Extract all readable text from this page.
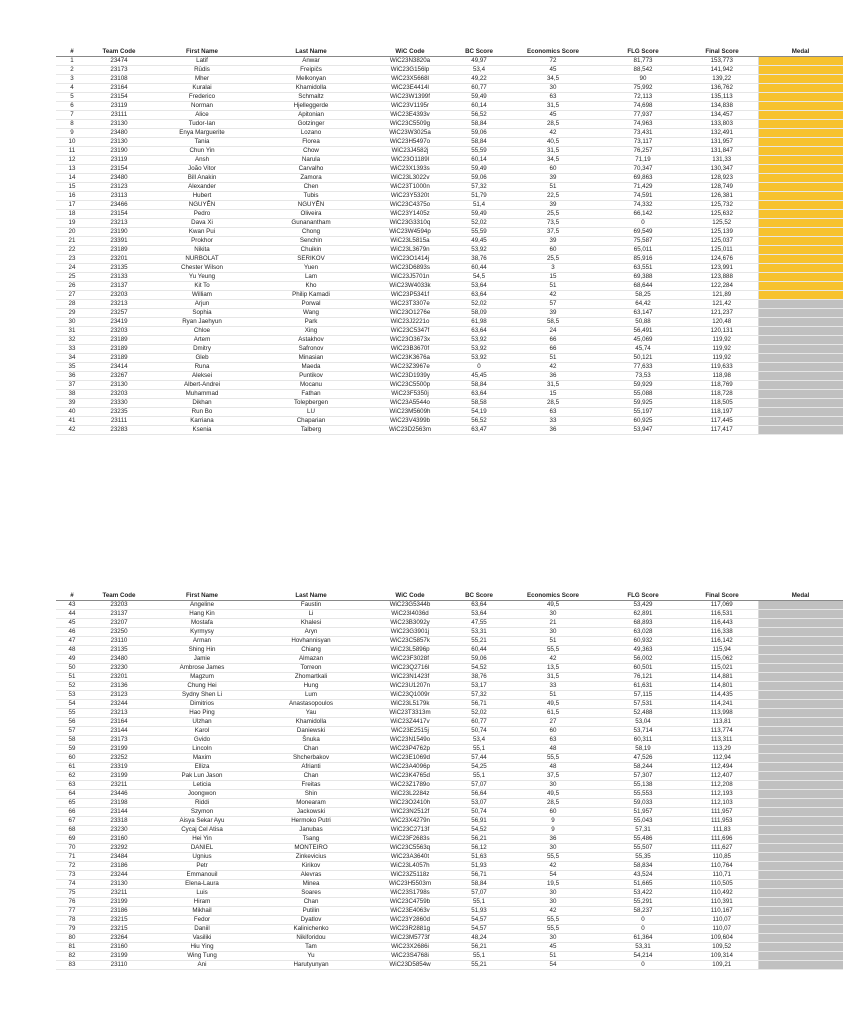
#	Team Code	First Name	Last Name	WiC Code	BC Score	Economics Score	FLG Score	Final Score	Medal
1	23474	Latif	Anwar	WiC23N3820a	49,97	72	81,773	153,773	
2	23173	Rūdis	Freipičs	WiC23G156lp	53,4	45	88,542	141,942	
3	23108	Mher	Melkonyan	WiC23X5668l	49,22	34,5	90	139,22	
4	23164	Kuralai	Khamidolla	WiC23E4414l	60,77	30	75,992	136,762	
5	23154	Frederico	Schmaltz	WiC23W1399f	59,49	63	72,113	135,113	
6	23119	Norman	Hjelleggerde	WiC23V1195r	60,14	31,5	74,698	134,838	
7	23111	Alice	Apitonian	WiC23E4393v	56,52	45	77,937	134,457	
8	23130	Tudor-Ian	Gotzinger	WiC23C5509g	58,84	28,5	74,963	133,803	
9	23480	Enya Marguerite	Lozano	WiC23W3025a	59,06	42	73,431	132,491	
10	23130	Tania	Florea	WiC23H5497o	58,84	40,5	73,117	131,957	
11	23190	Chun Yin	Chow	WiC23J4582j	55,59	31,5	76,257	131,847	
12	23119	Ansh	Narula	WiC23O1189l	60,14	34,5	71,19	131,33	
13	23154	João Vitor	Carvalho	WiC23X1393s	59,49	60	70,347	130,347	
14	23480	Bill Anakin	Zamora	WiC23L3022v	59,06	39	69,863	128,923	
15	23123	Alexander	Chen	WiC23T1000n	57,32	51	71,429	128,749	
16	23113	Hubert	Tubis	WiC23Y5320t	51,79	22,5	74,591	126,381	
17	23466	NGUYỄN	NGUYỄN	WiC23C4375o	51,4	39	74,332	125,732	
18	23154	Pedro	Oliveira	WiC23Y1405z	59,49	25,5	66,142	125,632	
19	23213	Dava Xi	Gunanantham	WiC23G3310q	52,02	73,5	0	125,52	
20	23190	Kwan Pui	Chong	WiC23W4594p	55,59	37,5	69,549	125,139	
21	23391	Prokhor	Senchin	WiC23L5815a	49,45	39	75,587	125,037	
22	23189	Nikita	Chuikin	WiC23L3679n	53,92	60	65,011	125,011	
23	23201	NURBOLAT	SERIKOV	WiC23O1414j	38,76	25,5	85,916	124,676	
24	23135	Chester Wilson	Yuen	WiC23D6893s	60,44	3	63,551	123,991	
25	23133	Yu Yeung	Lam	WiC23J5701n	54,5	15	69,388	123,888	
26	23137	Kit To	Kho	WiC23W4033k	53,64	51	68,644	122,284	
27	23203	William	Philip Kamadi	WiC23P5341f	63,64	42	58,25	121,89	
28	23213	Arjun	Porwal	WiC23T3307e	52,02	57	64,42	121,42	
29	23257	Sophia	Wang	WiC23O1276e	58,09	39	63,147	121,237	
30	23419	Ryan Jaehyun	Park	WiC23J2221o	61,98	58,5	50,88	120,48	
31	23203	Chloe	Xing	WiC23C5347f	63,64	24	56,491	120,131	
32	23189	Artem	Astakhov	WiC23O3673x	53,92	66	45,069	119,92	
33	23189	Dmitry	Safronov	WiC23B3670f	53,92	66	45,74	119,92	
34	23189	Gleb	Minasian	WiC23K3676a	53,92	51	50,121	119,92	
35	23414	Runa	Maeda	WiC23Z3967e	0	42	77,633	119,633	
36	23267	Aleksei	Puntikov	WiC23D1939y	45,45	36	73,53	118,98	
37	23130	Albert-Andrei	Mocanu	WiC23C5500p	58,84	31,5	59,929	118,769	
38	23203	Muhammad	Fathan	WiC23F5350j	63,64	15	55,088	118,728	
39	23330	Dikhan	Tolepbergen	WiC23A5544o	58,58	28,5	59,925	118,505	
40	23235	Run Bo	LU	WiC23M5609h	54,19	63	55,197	118,197	
41	23111	Karriana	Chaparian	WiC23V4399b	56,52	33	60,925	117,445	
42	23283	Ksenia	Talberg	WiC23D2563m	63,47	36	53,947	117,417	
#	Team Code	First Name	Last Name	WiC Code	BC Score	Economics Score	FLG Score	Final Score	Medal
43	23203	Angeline	Faustin	WiC23G5344b	63,64	49,5	53,429	117,069	
44	23137	Hang Kin	Li	WiC23I4036d	53,64	30	62,891	116,531	
45	23207	Mostafa	Khalesi	WiC23B3092y	47,55	21	68,893	116,443	
46	23250	Kyrmysy	Aryn	WiC23G3901j	53,31	30	63,028	116,338	
47	23110	Arman	Hovhannisyan	WiC23C5857k	55,21	51	60,932	116,142	
48	23135	Shing Hin	Chiang	WiC23L5896p	60,44	55,5	49,363	115,94	
49	23480	Jamie	Almazan	WiC23F3028f	59,06	42	56,002	115,062	
50	23230	Ambrose James	Torreon	WiC23Q2716l	54,52	13,5	60,501	115,021	
51	23201	Magzum	Zhomartkali	WiC23N1423f	38,76	31,5	76,121	114,881	
52	23136	Chung Hei	Hung	WiC23U1207n	53,17	33	61,631	114,801	
53	23123	Sydny Shen Li	Lum	WiC23Q1009r	57,32	51	57,115	114,435	
54	23244	Dimitrios	Anastasopoulos	WiC23L5179k	56,71	49,5	57,531	114,241	
55	23213	Hao Ping	Yau	WiC23T3313m	52,02	61,5	52,488	113,998	
56	23164	Ulzhan	Khamidolla	WiC23Z4417v	60,77	27	53,04	113,81	
57	23144	Karol	Daniewski	WiC23E2515j	50,74	60	53,714	113,774	
58	23173	Gvido	Šnuka	WiC23N1549o	53,4	63	60,311	113,311	
59	23199	Lincoln	Chan	WiC23P4762p	55,1	48	58,19	113,29	
60	23252	Maxim	Shcherbakov	WiC23E1069d	57,44	55,5	47,526	112,94	
61	23319	Elliza	Afrianti	WiC23A4096p	54,25	48	58,244	112,494	
62	23199	Pak Lun Jason	Chan	WiC23K4765d	55,1	37,5	57,307	112,407	
63	23211	Leticia	Freitas	WiC23Z1789o	57,07	30	55,138	112,208	
64	23446	Joongwon	Shin	WiC23L2284z	56,64	49,5	55,553	112,193	
65	23198	Riddi	Monearam	WiC23O2410h	53,07	28,5	59,033	112,103	
66	23144	Szymon	Jackowski	WiC23N2512f	50,74	60	51,957	111,957	
67	23318	Aisya Sekar Ayu	Hermoko Putri	WiC23X4279n	56,91	9	55,043	111,953	
68	23230	Cycaj Cel Atisa	Janubas	WiC23C2713f	54,52	9	57,31	111,83	
69	23160	Hei Yin	Tsang	WiC23F2683s	56,21	36	55,486	111,696	
70	23292	DANIEL	MONTEIRO	WiC23C5563q	56,12	30	55,507	111,627	
71	23484	Ugnius	Zinkevicius	WiC23A3640t	51,63	55,5	55,35	110,85	
72	23186	Petr	Kirikov	WiC23L4057h	51,93	42	58,834	110,764	
73	23244	Emmanouil	Alevras	WiC23Z5118z	56,71	54	43,524	110,71	
74	23130	Elena-Laura	Minea	WiC23H5503m	58,84	19,5	51,665	110,505	
75	23211	Luis	Soares	WiC23S1798s	57,07	30	53,422	110,492	
76	23199	Hiram	Chan	WiC23C4759b	55,1	30	55,291	110,391	
77	23186	Mikhail	Putilin	WiC23E4063v	51,93	42	58,237	110,167	
78	23215	Fedor	Dyatlov	WiC23Y2860d	54,57	55,5	0	110,07	
79	23215	Daniil	Kalinichenko	WiC23R2881g	54,57	55,5	0	110,07	
80	23264	Vasiliki	Nikiforidou	WiC23M5773f	48,24	30	61,364	109,604	
81	23160	Hiu Ying	Tam	WiC23X2686i	56,21	45	53,31	109,52	
82	23199	Wing Tung	Yu	WiC23S4768i	55,1	51	54,214	109,314	
83	23110	Ani	Harutyunyan	WiC23D5854w	55,21	54	0	109,21	
